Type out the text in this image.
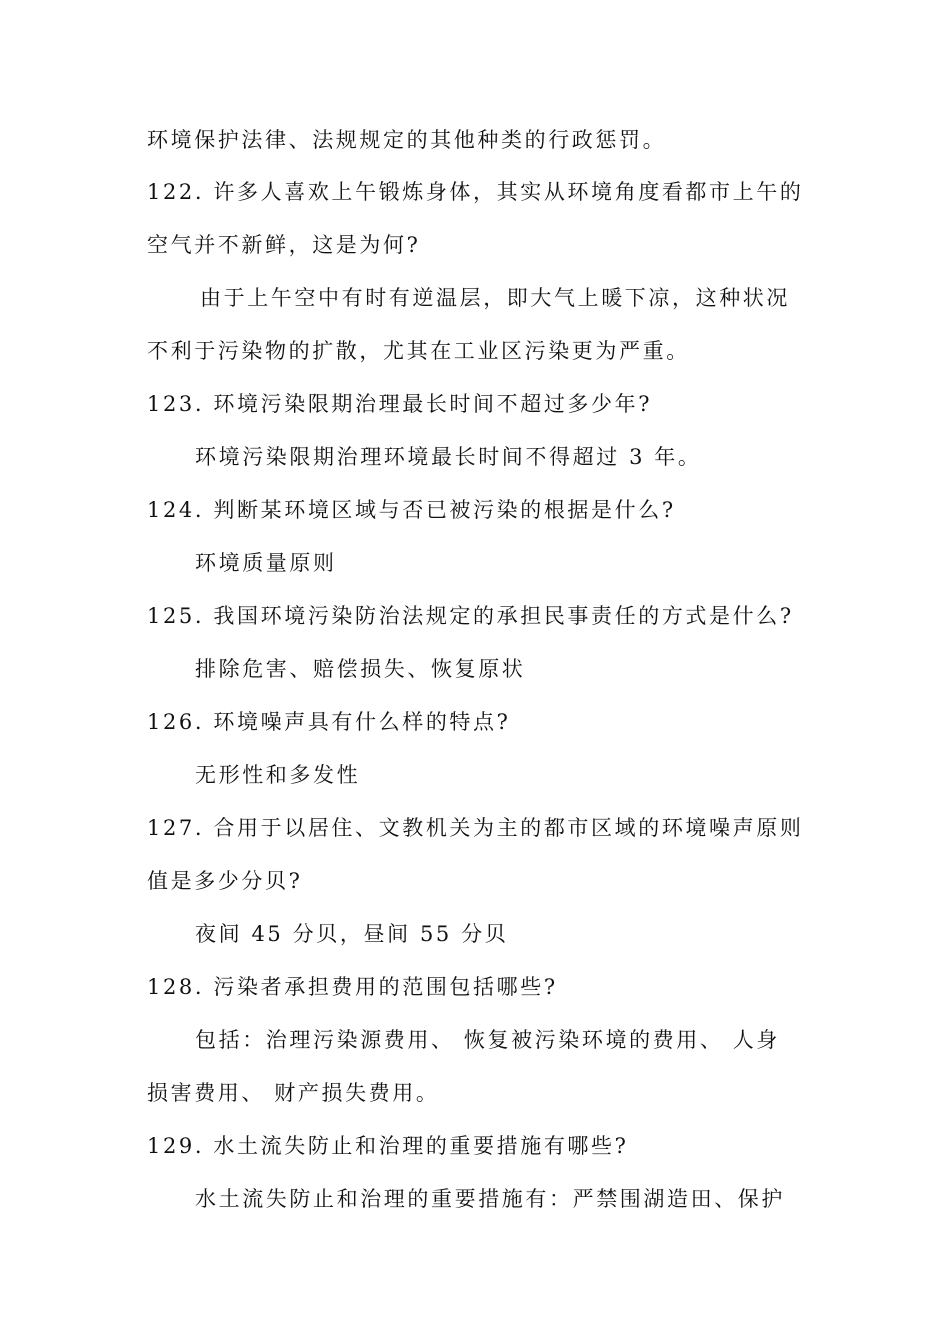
环境保护法律、法规规定的其他种类的行政惩罚。
122. 许多人喜欢上午锻炼身体，其实从环境角度看都市上午的
空气并不新鲜，这是为何?
由于上午空中有时有逆温层，即大气上暖下凉，这种状况
不利于污染物的扩散，尤其在工业区污染更为严重。
123. 环境污染限期治理最长时间不超过多少年?
环境污染限期治理环境最长时间不得超过 3 年。
124. 判断某环境区域与否已被污染的根据是什么?
环境质量原则
125. 我国环境污染防治法规定的承担民事责任的方式是什么?
排除危害、赔偿损失、恢复原状
126. 环境噪声具有什么样的特点?
无形性和多发性
127. 合用于以居住、文教机关为主的都市区域的环境噪声原则
值是多少分贝?
夜间 45 分贝，昼间 55 分贝
128. 污染者承担费用的范围包括哪些?
包括：治理污染源费用、 恢复被污染环境的费用、 人身
损害费用、 财产损失费用。
129. 水土流失防止和治理的重要措施有哪些?
水土流失防止和治理的重要措施有：严禁围湖造田、保护
